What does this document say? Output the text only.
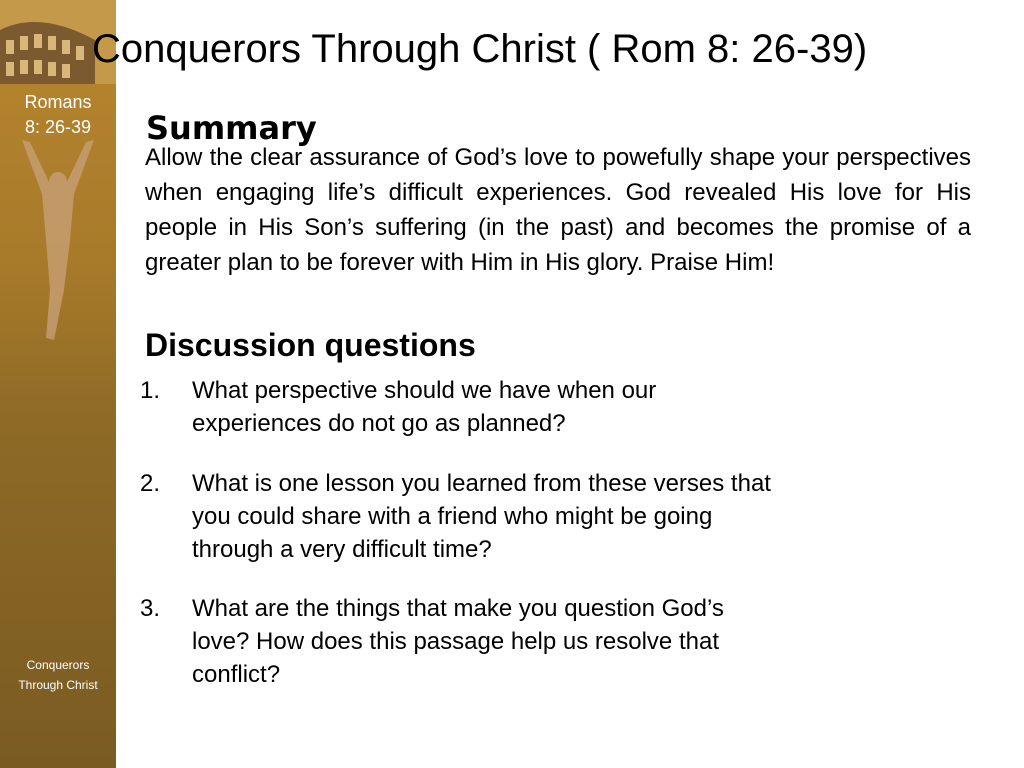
Romans
8: 26-39
Conquerors
Through Christ
Conquerors Through Christ ( Rom 8: 26-39)
Summary
Allow the clear assurance of God’s love to powefully shape your perspectives when engaging life’s difficult experiences. God revealed His love for His people in His Son’s suffering (in the past) and becomes the promise of a greater plan to be forever with Him in His glory. Praise Him!
Discussion questions
1. What perspective should we have when our experiences do not go as planned?
2. What is one lesson you learned from these verses that you could share with a friend who might be going through a very difficult time?
3. What are the things that make you question God’s love? How does this passage help us resolve that conflict?
